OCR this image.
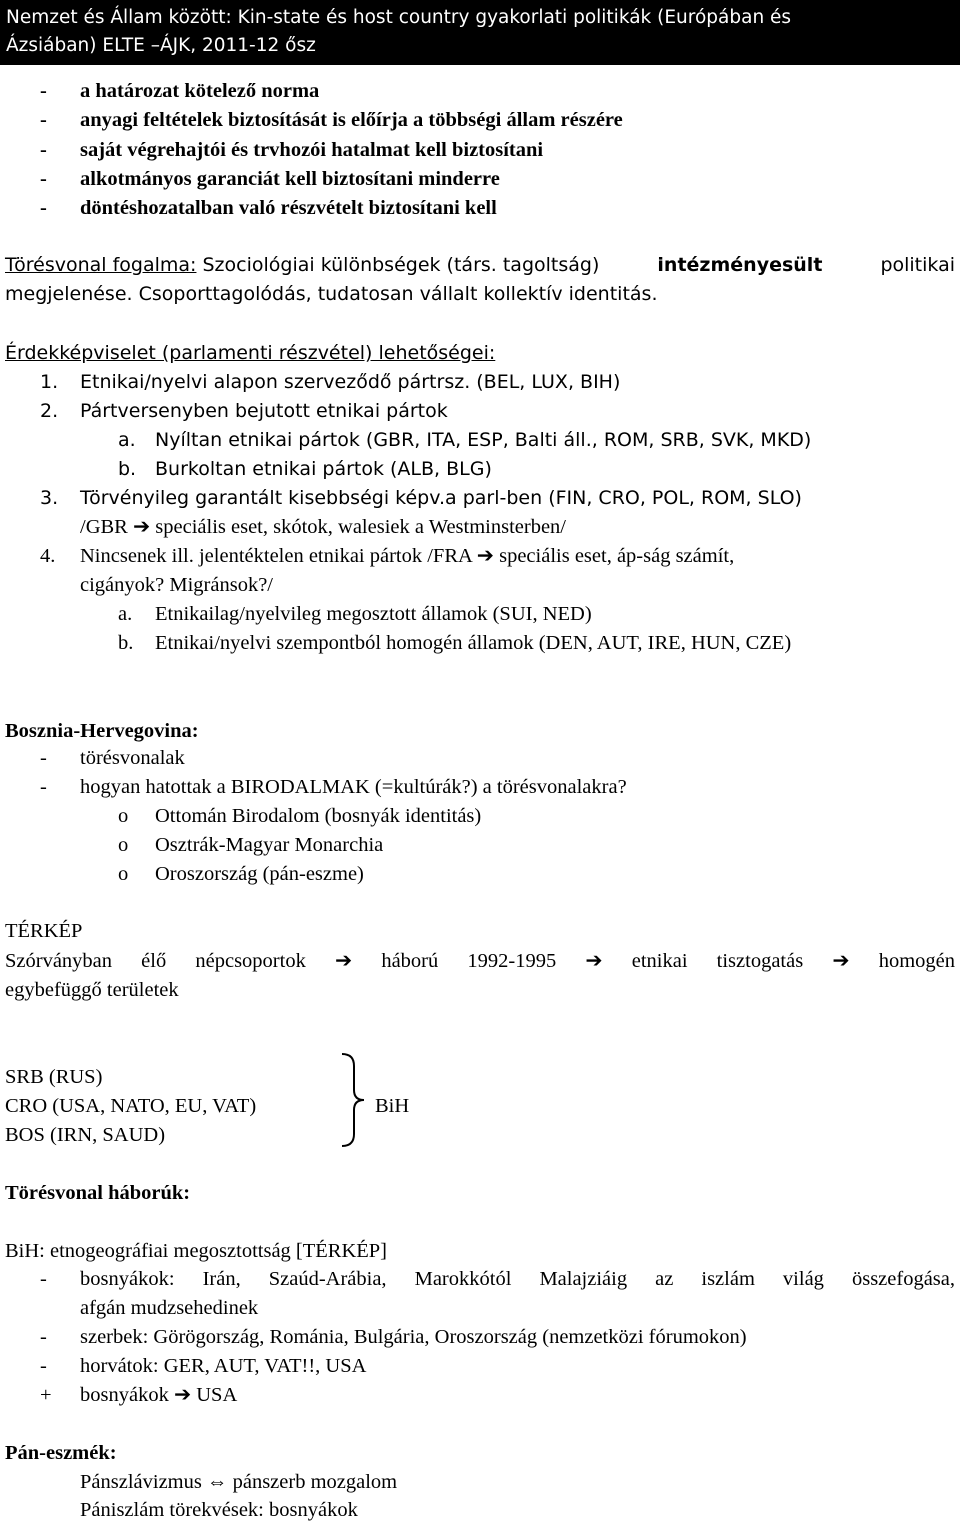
Nemzet és Állam között: Kin-state és host country gyakorlati politikák (Európában és
Ázsiában) ELTE –ÁJK, 2011-12 ősz
- a határozat kötelező norma
- anyagi feltételek biztosítását is előírja a többségi állam részére
- saját végrehajtói és trvhozói hatalmat kell biztosítani
- alkotmányos garanciát kell biztosítani minderre
- döntéshozatalban való részvételt biztosítani kell
Törésvonal fogalma: Szociológiai különbségek (társ. tagoltság)	intézményesült	politikai
megjelenése. Csoporttagolódás, tudatosan vállalt kollektív identitás.
Érdekképviselet (parlamenti részvétel) lehetőségei:
1. Etnikai/nyelvi alapon szerveződő pártrsz. (BEL, LUX, BIH)
2. Pártversenyben bejutott etnikai pártok
a. Nyíltan etnikai pártok (GBR, ITA, ESP, Balti áll., ROM, SRB, SVK, MKD)
b. Burkoltan etnikai pártok (ALB, BLG)
3. Törvényileg garantált kisebbségi képv.a parl-ben (FIN, CRO, POL, ROM, SLO)
/GBR ➔ speciális eset, skótok, walesiek a Westminsterben/
4. Nincsenek ill. jelentéktelen etnikai pártok /FRA ➔ speciális eset, áp-ság számít,
cigányok? Migránsok?/
a. Etnikailag/nyelvileg megosztott államok (SUI, NED)
b. Etnikai/nyelvi szempontból homogén államok (DEN, AUT, IRE, HUN, CZE)
Bosznia-Hervegovina:
- törésvonalak
- hogyan hatottak a BIRODALMAK (=kultúrák?) a törésvonalakra?
o Ottomán Birodalom (bosnyák identitás)
o Osztrák-Magyar Monarchia
o Oroszország (pán-eszme)
TÉRKÉP
Szórványban élő népcsoportok ➔ háború 1992-1995 ➔ etnikai tisztogatás ➔ homogén
egybefüggő területek
SRB (RUS)
CRO (USA, NATO, EU, VAT)
BOS (IRN, SAUD)
BiH
Törésvonal háborúk:
BiH: etnogeográfiai megosztottság [TÉRKÉP]
- bosnyákok: Irán, Szaúd-Arábia, Marokkótól Malajziáig az iszlám világ összefogása,
afgán mudzsehedinek
- szerbek: Görögország, Románia, Bulgária, Oroszország (nemzetközi fórumokon)
- horvátok: GER, AUT, VAT!!, USA
+ bosnyákok ➔ USA
Pán-eszmék:
Pánszlávizmus ⇔ pánszerb mozgalom
Pániszlám törekvések: bosnyákok
